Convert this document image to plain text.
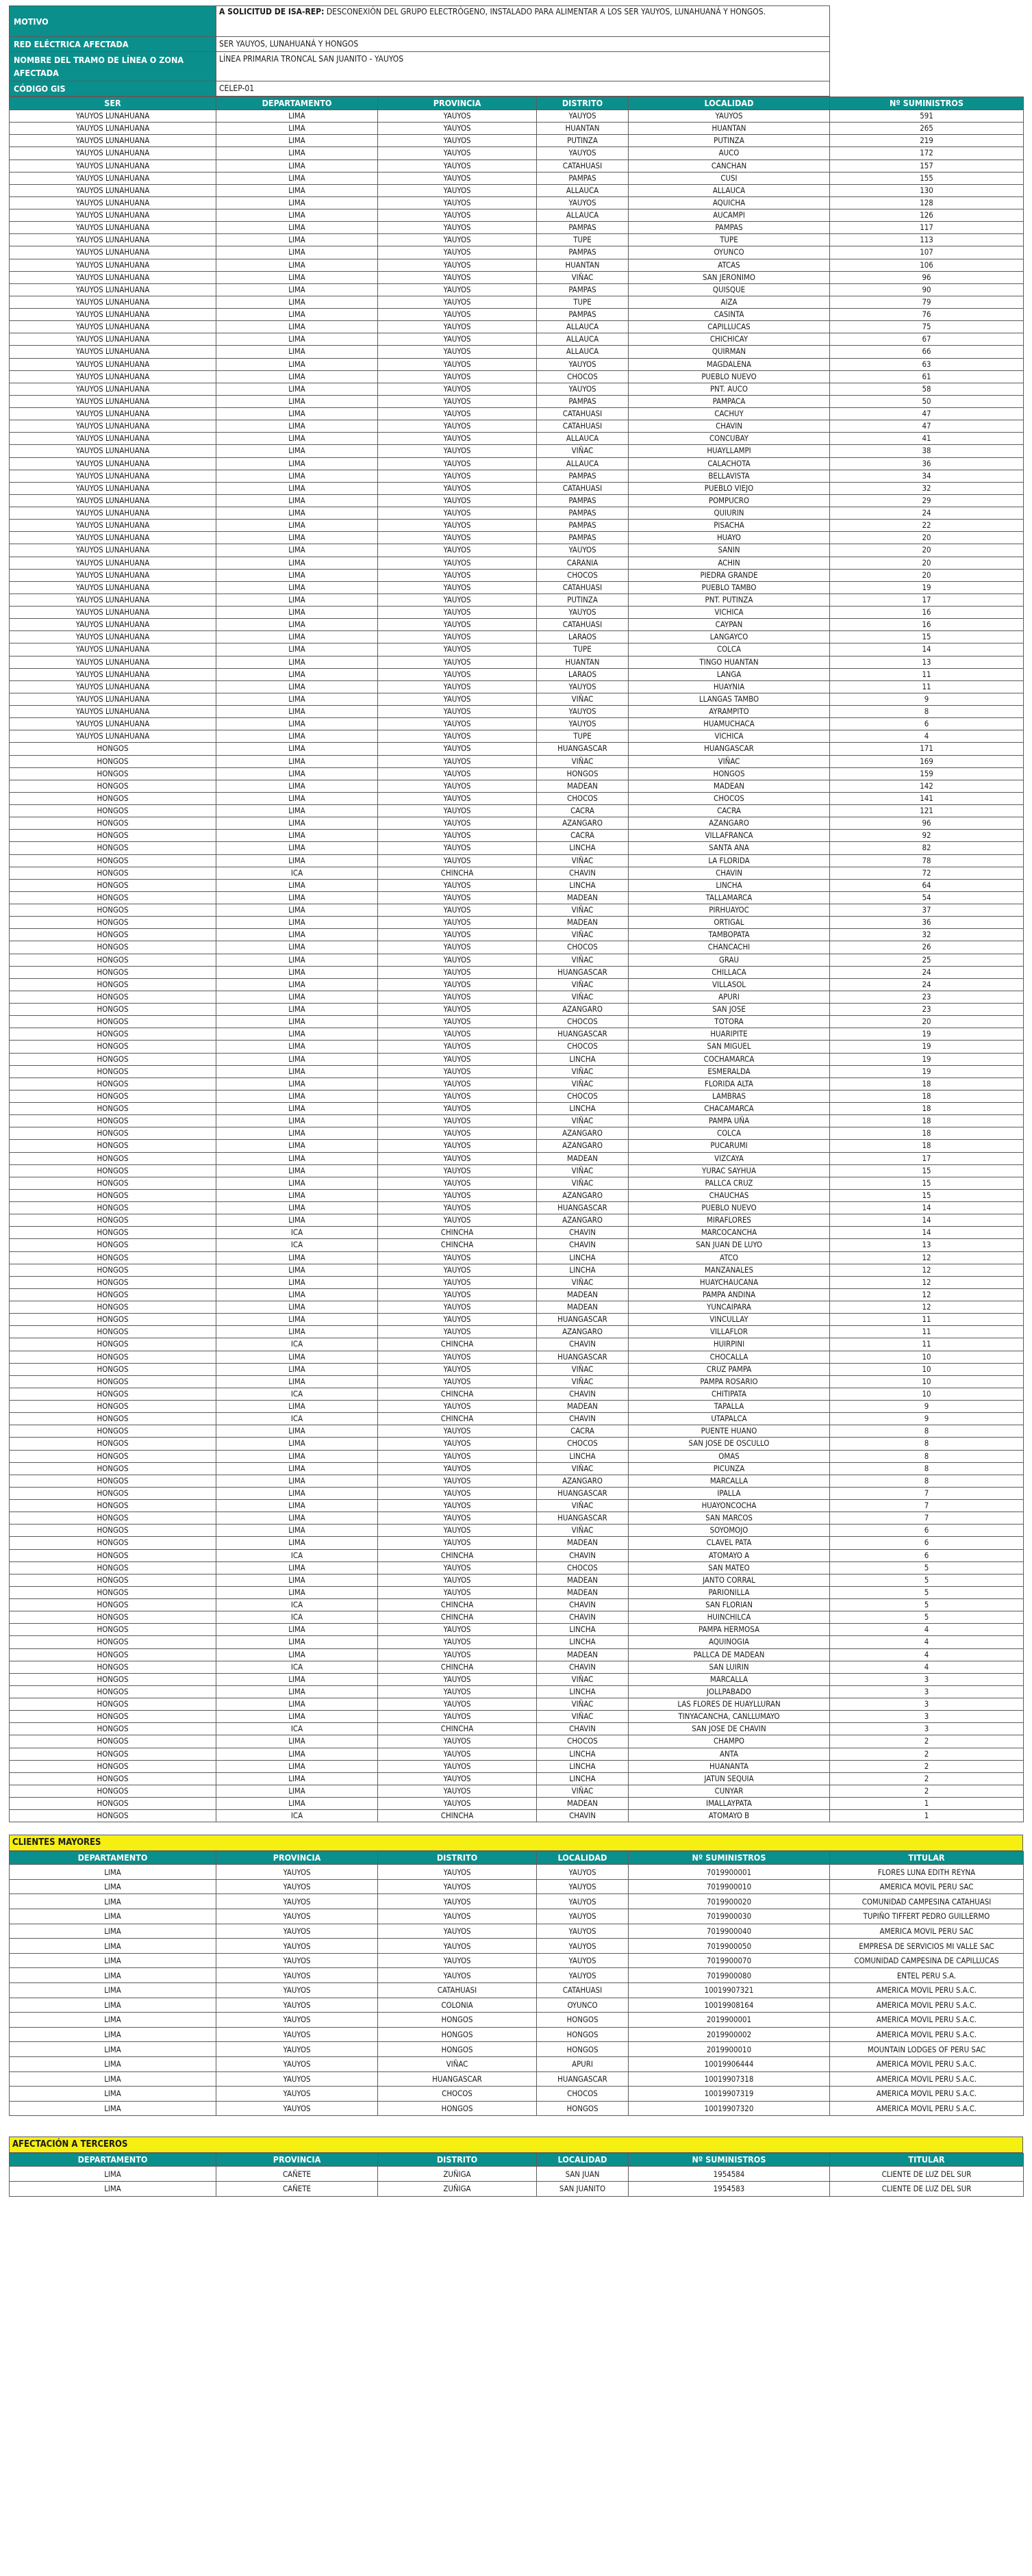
MOTIVO	A SOLICITUD DE ISA-REP: DESCONEXIÓN DEL GRUPO ELECTRÓGENO, INSTALADO PARA ALIMENTAR A LOS SER YAUYOS, LUNAHUANÁ Y HONGOS.	
RED ELÉCTRICA AFECTADA	SER YAUYOS, LUNAHUANÁ Y HONGOS	
NOMBRE DEL TRAMO DE LÍNEA O ZONA AFECTADA	LÍNEA PRIMARIA TRONCAL SAN JUANITO - YAUYOS	
CÓDIGO GIS	CELEP-01	
SER	DEPARTAMENTO	PROVINCIA	DISTRITO	LOCALIDAD	Nº SUMINISTROS
YAUYOS LUNAHUANA	LIMA	YAUYOS	YAUYOS	YAUYOS	591
YAUYOS LUNAHUANA	LIMA	YAUYOS	HUANTAN	HUANTAN	265
YAUYOS LUNAHUANA	LIMA	YAUYOS	PUTINZA	PUTINZA	219
YAUYOS LUNAHUANA	LIMA	YAUYOS	YAUYOS	AUCO	172
YAUYOS LUNAHUANA	LIMA	YAUYOS	CATAHUASI	CANCHAN	157
YAUYOS LUNAHUANA	LIMA	YAUYOS	PAMPAS	CUSI	155
YAUYOS LUNAHUANA	LIMA	YAUYOS	ALLAUCA	ALLAUCA	130
YAUYOS LUNAHUANA	LIMA	YAUYOS	YAUYOS	AQUICHA	128
YAUYOS LUNAHUANA	LIMA	YAUYOS	ALLAUCA	AUCAMPI	126
YAUYOS LUNAHUANA	LIMA	YAUYOS	PAMPAS	PAMPAS	117
YAUYOS LUNAHUANA	LIMA	YAUYOS	TUPE	TUPE	113
YAUYOS LUNAHUANA	LIMA	YAUYOS	PAMPAS	OYUNCO	107
YAUYOS LUNAHUANA	LIMA	YAUYOS	HUANTAN	ATCAS	106
YAUYOS LUNAHUANA	LIMA	YAUYOS	VIÑAC	SAN JERONIMO	96
YAUYOS LUNAHUANA	LIMA	YAUYOS	PAMPAS	QUISQUE	90
YAUYOS LUNAHUANA	LIMA	YAUYOS	TUPE	AIZA	79
YAUYOS LUNAHUANA	LIMA	YAUYOS	PAMPAS	CASINTA	76
YAUYOS LUNAHUANA	LIMA	YAUYOS	ALLAUCA	CAPILLUCAS	75
YAUYOS LUNAHUANA	LIMA	YAUYOS	ALLAUCA	CHICHICAY	67
YAUYOS LUNAHUANA	LIMA	YAUYOS	ALLAUCA	QUIRMAN	66
YAUYOS LUNAHUANA	LIMA	YAUYOS	YAUYOS	MAGDALENA	63
YAUYOS LUNAHUANA	LIMA	YAUYOS	CHOCOS	PUEBLO NUEVO	61
YAUYOS LUNAHUANA	LIMA	YAUYOS	YAUYOS	PNT. AUCO	58
YAUYOS LUNAHUANA	LIMA	YAUYOS	PAMPAS	PAMPACA	50
YAUYOS LUNAHUANA	LIMA	YAUYOS	CATAHUASI	CACHUY	47
YAUYOS LUNAHUANA	LIMA	YAUYOS	CATAHUASI	CHAVIN	47
YAUYOS LUNAHUANA	LIMA	YAUYOS	ALLAUCA	CONCUBAY	41
YAUYOS LUNAHUANA	LIMA	YAUYOS	VIÑAC	HUAYLLAMPI	38
YAUYOS LUNAHUANA	LIMA	YAUYOS	ALLAUCA	CALACHOTA	36
YAUYOS LUNAHUANA	LIMA	YAUYOS	PAMPAS	BELLAVISTA	34
YAUYOS LUNAHUANA	LIMA	YAUYOS	CATAHUASI	PUEBLO VIEJO	32
YAUYOS LUNAHUANA	LIMA	YAUYOS	PAMPAS	POMPUCRO	29
YAUYOS LUNAHUANA	LIMA	YAUYOS	PAMPAS	QUIURIN	24
YAUYOS LUNAHUANA	LIMA	YAUYOS	PAMPAS	PISACHA	22
YAUYOS LUNAHUANA	LIMA	YAUYOS	PAMPAS	HUAYO	20
YAUYOS LUNAHUANA	LIMA	YAUYOS	YAUYOS	SANIN	20
YAUYOS LUNAHUANA	LIMA	YAUYOS	CARANIA	ACHIN	20
YAUYOS LUNAHUANA	LIMA	YAUYOS	CHOCOS	PIEDRA GRANDE	20
YAUYOS LUNAHUANA	LIMA	YAUYOS	CATAHUASI	PUEBLO TAMBO	19
YAUYOS LUNAHUANA	LIMA	YAUYOS	PUTINZA	PNT. PUTINZA	17
YAUYOS LUNAHUANA	LIMA	YAUYOS	YAUYOS	VICHICA	16
YAUYOS LUNAHUANA	LIMA	YAUYOS	CATAHUASI	CAYPAN	16
YAUYOS LUNAHUANA	LIMA	YAUYOS	LARAOS	LANGAYCO	15
YAUYOS LUNAHUANA	LIMA	YAUYOS	TUPE	COLCA	14
YAUYOS LUNAHUANA	LIMA	YAUYOS	HUANTAN	TINGO HUANTAN	13
YAUYOS LUNAHUANA	LIMA	YAUYOS	LARAOS	LANGA	11
YAUYOS LUNAHUANA	LIMA	YAUYOS	YAUYOS	HUAYNIA	11
YAUYOS LUNAHUANA	LIMA	YAUYOS	VIÑAC	LLANGAS TAMBO	9
YAUYOS LUNAHUANA	LIMA	YAUYOS	YAUYOS	AYRAMPITO	8
YAUYOS LUNAHUANA	LIMA	YAUYOS	YAUYOS	HUAMUCHACA	6
YAUYOS LUNAHUANA	LIMA	YAUYOS	TUPE	VICHICA	4
HONGOS	LIMA	YAUYOS	HUANGASCAR	HUANGASCAR	171
HONGOS	LIMA	YAUYOS	VIÑAC	VIÑAC	169
HONGOS	LIMA	YAUYOS	HONGOS	HONGOS	159
HONGOS	LIMA	YAUYOS	MADEAN	MADEAN	142
HONGOS	LIMA	YAUYOS	CHOCOS	CHOCOS	141
HONGOS	LIMA	YAUYOS	CACRA	CACRA	121
HONGOS	LIMA	YAUYOS	AZANGARO	AZANGARO	96
HONGOS	LIMA	YAUYOS	CACRA	VILLAFRANCA	92
HONGOS	LIMA	YAUYOS	LINCHA	SANTA ANA	82
HONGOS	LIMA	YAUYOS	VIÑAC	LA FLORIDA	78
HONGOS	ICA	CHINCHA	CHAVIN	CHAVIN	72
HONGOS	LIMA	YAUYOS	LINCHA	LINCHA	64
HONGOS	LIMA	YAUYOS	MADEAN	TALLAMARCA	54
HONGOS	LIMA	YAUYOS	VIÑAC	PIRHUAYOC	37
HONGOS	LIMA	YAUYOS	MADEAN	ORTIGAL	36
HONGOS	LIMA	YAUYOS	VIÑAC	TAMBOPATA	32
HONGOS	LIMA	YAUYOS	CHOCOS	CHANCACHI	26
HONGOS	LIMA	YAUYOS	VIÑAC	GRAU	25
HONGOS	LIMA	YAUYOS	HUANGASCAR	CHILLACA	24
HONGOS	LIMA	YAUYOS	VIÑAC	VILLASOL	24
HONGOS	LIMA	YAUYOS	VIÑAC	APURI	23
HONGOS	LIMA	YAUYOS	AZANGARO	SAN JOSE	23
HONGOS	LIMA	YAUYOS	CHOCOS	TOTORA	20
HONGOS	LIMA	YAUYOS	HUANGASCAR	HUARIPITE	19
HONGOS	LIMA	YAUYOS	CHOCOS	SAN MIGUEL	19
HONGOS	LIMA	YAUYOS	LINCHA	COCHAMARCA	19
HONGOS	LIMA	YAUYOS	VIÑAC	ESMERALDA	19
HONGOS	LIMA	YAUYOS	VIÑAC	FLORIDA ALTA	18
HONGOS	LIMA	YAUYOS	CHOCOS	LAMBRAS	18
HONGOS	LIMA	YAUYOS	LINCHA	CHACAMARCA	18
HONGOS	LIMA	YAUYOS	VIÑAC	PAMPA UÑA	18
HONGOS	LIMA	YAUYOS	AZANGARO	COLCA	18
HONGOS	LIMA	YAUYOS	AZANGARO	PUCARUMI	18
HONGOS	LIMA	YAUYOS	MADEAN	VIZCAYA	17
HONGOS	LIMA	YAUYOS	VIÑAC	YURAC SAYHUA	15
HONGOS	LIMA	YAUYOS	VIÑAC	PALLCA CRUZ	15
HONGOS	LIMA	YAUYOS	AZANGARO	CHAUCHAS	15
HONGOS	LIMA	YAUYOS	HUANGASCAR	PUEBLO NUEVO	14
HONGOS	LIMA	YAUYOS	AZANGARO	MIRAFLORES	14
HONGOS	ICA	CHINCHA	CHAVIN	MARCOCANCHA	14
HONGOS	ICA	CHINCHA	CHAVIN	SAN JUAN DE LUYO	13
HONGOS	LIMA	YAUYOS	LINCHA	ATCO	12
HONGOS	LIMA	YAUYOS	LINCHA	MANZANALES	12
HONGOS	LIMA	YAUYOS	VIÑAC	HUAYCHAUCANA	12
HONGOS	LIMA	YAUYOS	MADEAN	PAMPA ANDINA	12
HONGOS	LIMA	YAUYOS	MADEAN	YUNCAIPARA	12
HONGOS	LIMA	YAUYOS	HUANGASCAR	VINCULLAY	11
HONGOS	LIMA	YAUYOS	AZANGARO	VILLAFLOR	11
HONGOS	ICA	CHINCHA	CHAVIN	HUIRPINI	11
HONGOS	LIMA	YAUYOS	HUANGASCAR	CHOCALLA	10
HONGOS	LIMA	YAUYOS	VIÑAC	CRUZ PAMPA	10
HONGOS	LIMA	YAUYOS	VIÑAC	PAMPA ROSARIO	10
HONGOS	ICA	CHINCHA	CHAVIN	CHITIPATA	10
HONGOS	LIMA	YAUYOS	MADEAN	TAPALLA	9
HONGOS	ICA	CHINCHA	CHAVIN	UTAPALCA	9
HONGOS	LIMA	YAUYOS	CACRA	PUENTE HUANO	8
HONGOS	LIMA	YAUYOS	CHOCOS	SAN JOSE DE OSCULLO	8
HONGOS	LIMA	YAUYOS	LINCHA	OMAS	8
HONGOS	LIMA	YAUYOS	VIÑAC	PICUNZA	8
HONGOS	LIMA	YAUYOS	AZANGARO	MARCALLA	8
HONGOS	LIMA	YAUYOS	HUANGASCAR	IPALLA	7
HONGOS	LIMA	YAUYOS	VIÑAC	HUAYONCOCHA	7
HONGOS	LIMA	YAUYOS	HUANGASCAR	SAN MARCOS	7
HONGOS	LIMA	YAUYOS	VIÑAC	SOYOMOJO	6
HONGOS	LIMA	YAUYOS	MADEAN	CLAVEL PATA	6
HONGOS	ICA	CHINCHA	CHAVIN	ATOMAYO A	6
HONGOS	LIMA	YAUYOS	CHOCOS	SAN MATEO	5
HONGOS	LIMA	YAUYOS	MADEAN	JANTO CORRAL	5
HONGOS	LIMA	YAUYOS	MADEAN	PARIONILLA	5
HONGOS	ICA	CHINCHA	CHAVIN	SAN FLORIAN	5
HONGOS	ICA	CHINCHA	CHAVIN	HUINCHILCA	5
HONGOS	LIMA	YAUYOS	LINCHA	PAMPA HERMOSA	4
HONGOS	LIMA	YAUYOS	LINCHA	AQUINOGIA	4
HONGOS	LIMA	YAUYOS	MADEAN	PALLCA DE MADEAN	4
HONGOS	ICA	CHINCHA	CHAVIN	SAN LUIRIN	4
HONGOS	LIMA	YAUYOS	VIÑAC	MARCALLA	3
HONGOS	LIMA	YAUYOS	LINCHA	JOLLPABADO	3
HONGOS	LIMA	YAUYOS	VIÑAC	LAS FLORES DE HUAYLLURAN	3
HONGOS	LIMA	YAUYOS	VIÑAC	TINYACANCHA, CANLLUMAYO	3
HONGOS	ICA	CHINCHA	CHAVIN	SAN JOSE DE CHAVIN	3
HONGOS	LIMA	YAUYOS	CHOCOS	CHAMPO	2
HONGOS	LIMA	YAUYOS	LINCHA	ANTA	2
HONGOS	LIMA	YAUYOS	LINCHA	HUANANTA	2
HONGOS	LIMA	YAUYOS	LINCHA	JATUN SEQUIA	2
HONGOS	LIMA	YAUYOS	VIÑAC	CUNYAR	2
HONGOS	LIMA	YAUYOS	MADEAN	IMALLAYPATA	1
HONGOS	ICA	CHINCHA	CHAVIN	ATOMAYO B	1
CLIENTES MAYORES
DEPARTAMENTO	PROVINCIA	DISTRITO	LOCALIDAD	Nº SUMINISTROS	TITULAR
LIMA	YAUYOS	YAUYOS	YAUYOS	7019900001	FLORES LUNA EDITH REYNA
LIMA	YAUYOS	YAUYOS	YAUYOS	7019900010	AMERICA MOVIL PERU SAC
LIMA	YAUYOS	YAUYOS	YAUYOS	7019900020	COMUNIDAD CAMPESINA CATAHUASI
LIMA	YAUYOS	YAUYOS	YAUYOS	7019900030	TUPIÑO TIFFERT PEDRO GUILLERMO
LIMA	YAUYOS	YAUYOS	YAUYOS	7019900040	AMERICA MOVIL PERU SAC
LIMA	YAUYOS	YAUYOS	YAUYOS	7019900050	EMPRESA DE SERVICIOS MI VALLE SAC
LIMA	YAUYOS	YAUYOS	YAUYOS	7019900070	COMUNIDAD CAMPESINA DE CAPILLUCAS
LIMA	YAUYOS	YAUYOS	YAUYOS	7019900080	ENTEL PERU S.A.
LIMA	YAUYOS	CATAHUASI	CATAHUASI	10019907321	AMERICA MOVIL PERU S.A.C.
LIMA	YAUYOS	COLONIA	OYUNCO	10019908164	AMERICA MOVIL PERU S.A.C.
LIMA	YAUYOS	HONGOS	HONGOS	2019900001	AMERICA MOVIL PERU S.A.C.
LIMA	YAUYOS	HONGOS	HONGOS	2019900002	AMERICA MOVIL PERU S.A.C.
LIMA	YAUYOS	HONGOS	HONGOS	2019900010	MOUNTAIN LODGES OF PERU SAC
LIMA	YAUYOS	VIÑAC	APURI	10019906444	AMERICA MOVIL PERU S.A.C.
LIMA	YAUYOS	HUANGASCAR	HUANGASCAR	10019907318	AMERICA MOVIL PERU S.A.C.
LIMA	YAUYOS	CHOCOS	CHOCOS	10019907319	AMERICA MOVIL PERU S.A.C.
LIMA	YAUYOS	HONGOS	HONGOS	10019907320	AMERICA MOVIL PERU S.A.C.
AFECTACIÓN A TERCEROS
DEPARTAMENTO	PROVINCIA	DISTRITO	LOCALIDAD	Nº SUMINISTROS	TITULAR
LIMA	CAÑETE	ZUÑIGA	SAN JUAN	1954584	CLIENTE DE LUZ DEL SUR
LIMA	CAÑETE	ZUÑIGA	SAN JUANITO	1954583	CLIENTE DE LUZ DEL SUR
